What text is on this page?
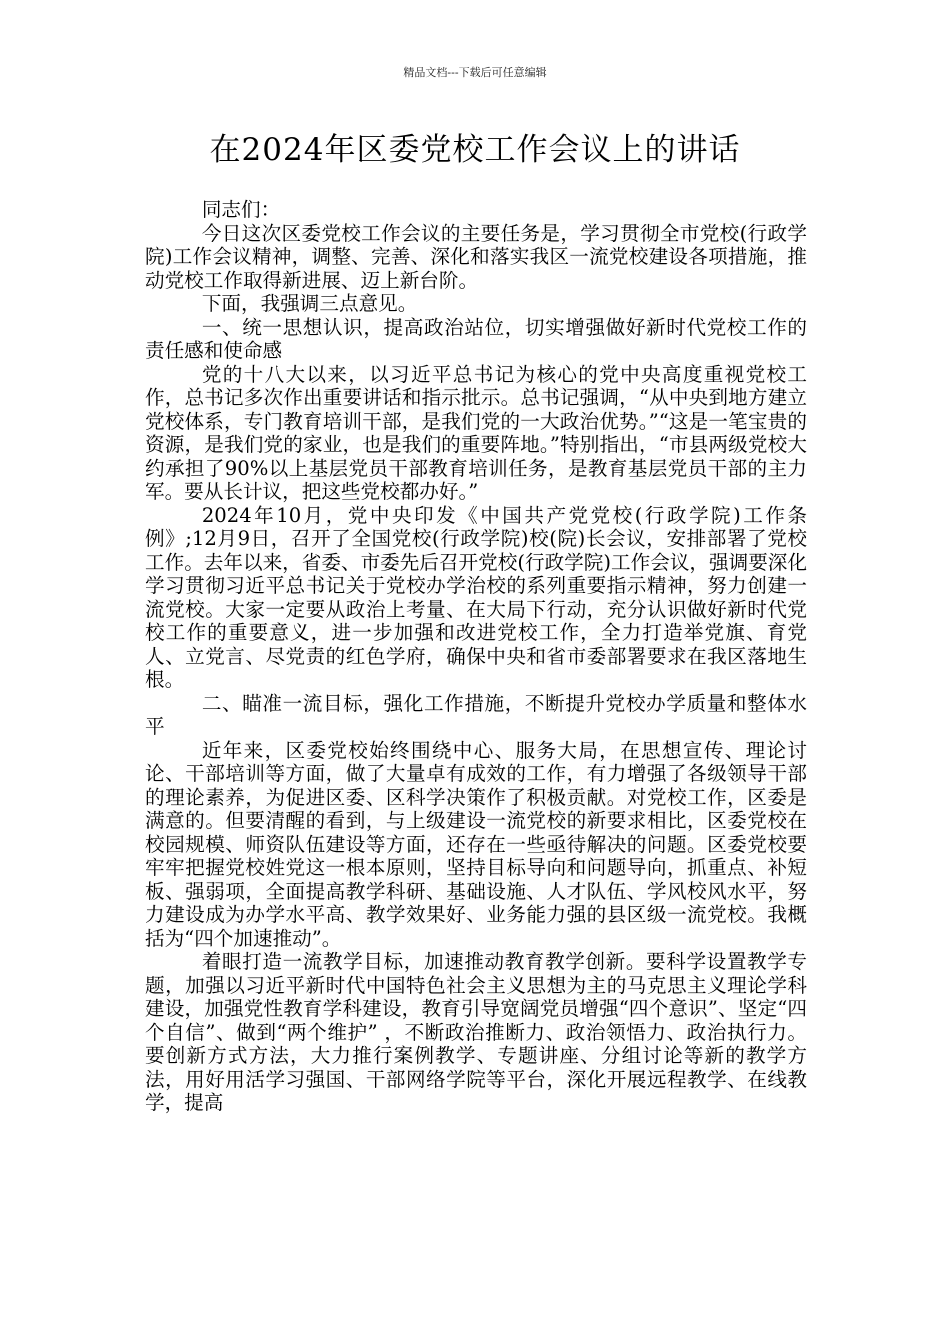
精品文档---下载后可任意编辑
在2024年区委党校工作会议上的讲话

同志们：

今日这次区委党校工作会议的主要任务是，学习贯彻全市党校(行政学院)工作会议精神，调整、完善、深化和落实我区一流党校建设各项措施，推动党校工作取得新进展、迈上新台阶。

下面，我强调三点意见。

一、统一思想认识，提高政治站位，切实增强做好新时代党校工作的责任感和使命感

党的十八大以来，以习近平总书记为核心的党中央高度重视党校工作，总书记多次作出重要讲话和指示批示。总书记强调，“从中央到地方建立党校体系，专门教育培训干部，是我们党的一大政治优势。”“这是一笔宝贵的资源，是我们党的家业，也是我们的重要阵地。”特别指出，“市县两级党校大约承担了90%以上基层党员干部教育培训任务，是教育基层党员干部的主力军。要从长计议，把这些党校都办好。”

2024年10月，党中央印发《中国共产党党校(行政学院)工作条例》;12月9日，召开了全国党校(行政学院)校(院)长会议，安排部署了党校工作。去年以来，省委、市委先后召开党校(行政学院)工作会议，强调要深化学习贯彻习近平总书记关于党校办学治校的系列重要指示精神，努力创建一流党校。大家一定要从政治上考量、在大局下行动，充分认识做好新时代党校工作的重要意义，进一步加强和改进党校工作，全力打造举党旗、育党人、立党言、尽党责的红色学府，确保中央和省市委部署要求在我区落地生根。

二、瞄准一流目标，强化工作措施，不断提升党校办学质量和整体水平

近年来，区委党校始终围绕中心、服务大局，在思想宣传、理论讨论、干部培训等方面，做了大量卓有成效的工作，有力增强了各级领导干部的理论素养，为促进区委、区科学决策作了积极贡献。对党校工作，区委是满意的。但要清醒的看到，与上级建设一流党校的新要求相比，区委党校在校园规模、师资队伍建设等方面，还存在一些亟待解决的问题。区委党校要牢牢把握党校姓党这一根本原则，坚持目标导向和问题导向，抓重点、补短板、强弱项，全面提高教学科研、基础设施、人才队伍、学风校风水平，努力建设成为办学水平高、教学效果好、业务能力强的县区级一流党校。我概括为“四个加速推动”。

着眼打造一流教学目标，加速推动教育教学创新。要科学设置教学专题，加强以习近平新时代中国特色社会主义思想为主的马克思主义理论学科建设，加强党性教育学科建设，教育引导宽阔党员增强“四个意识”、坚定“四个自信”、做到“两个维护” ，不断政治推断力、政治领悟力、政治执行力。要创新方式方法，大力推行案例教学、专题讲座、分组讨论等新的教学方法，用好用活学习强国、干部网络学院等平台，深化开展远程教学、在线教学，提高
